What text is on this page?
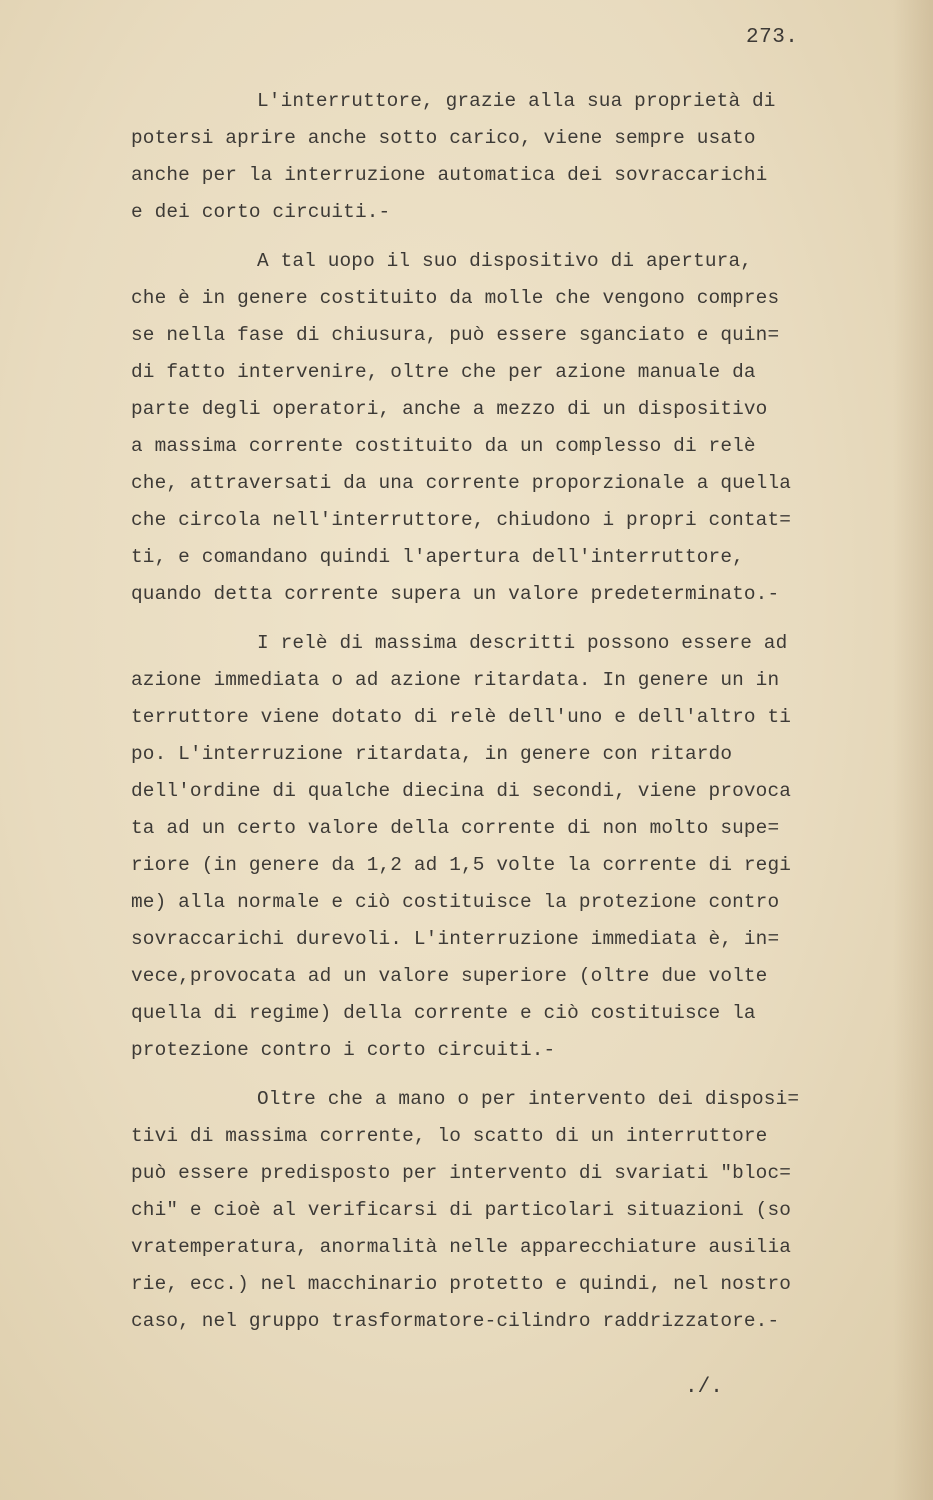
273.
L'interruttore, grazie alla sua proprietà di
potersi aprire anche sotto carico, viene sempre usato
anche per la interruzione automatica dei sovraccarichi
e dei corto circuiti.-
A tal uopo il suo dispositivo di apertura,
che è in genere costituito da molle che vengono compres
se nella fase di chiusura, può essere sganciato e quin=
di fatto intervenire, oltre che per azione manuale da
parte degli operatori, anche a mezzo di un dispositivo
a massima corrente costituito da un complesso di relè
che, attraversati da una corrente proporzionale a quella
che circola nell'interruttore, chiudono i propri contat=
ti, e comandano quindi l'apertura dell'interruttore,
quando detta corrente supera un valore predeterminato.-
I relè di massima descritti possono essere ad
azione immediata o ad azione ritardata. In genere un in
terruttore viene dotato di relè dell'uno e dell'altro ti
po. L'interruzione ritardata, in genere con ritardo
dell'ordine di qualche diecina di secondi, viene provoca
ta ad un certo valore della corrente di non molto supe=
riore (in genere da 1,2 ad 1,5 volte la corrente di regi
me) alla normale e ciò costituisce la protezione contro
sovraccarichi durevoli. L'interruzione immediata è, in=
vece,provocata ad un valore superiore (oltre due volte
quella di regime) della corrente e ciò costituisce la
protezione contro i corto circuiti.-
Oltre che a mano o per intervento dei disposi=
tivi di massima corrente, lo scatto di un interruttore
può essere predisposto per intervento di svariati "bloc=
chi" e cioè al verificarsi di particolari situazioni (so
vratemperatura, anormalità nelle apparecchiature ausilia
rie, ecc.) nel macchinario protetto e quindi, nel nostro
caso, nel gruppo trasformatore-cilindro raddrizzatore.-
./.
